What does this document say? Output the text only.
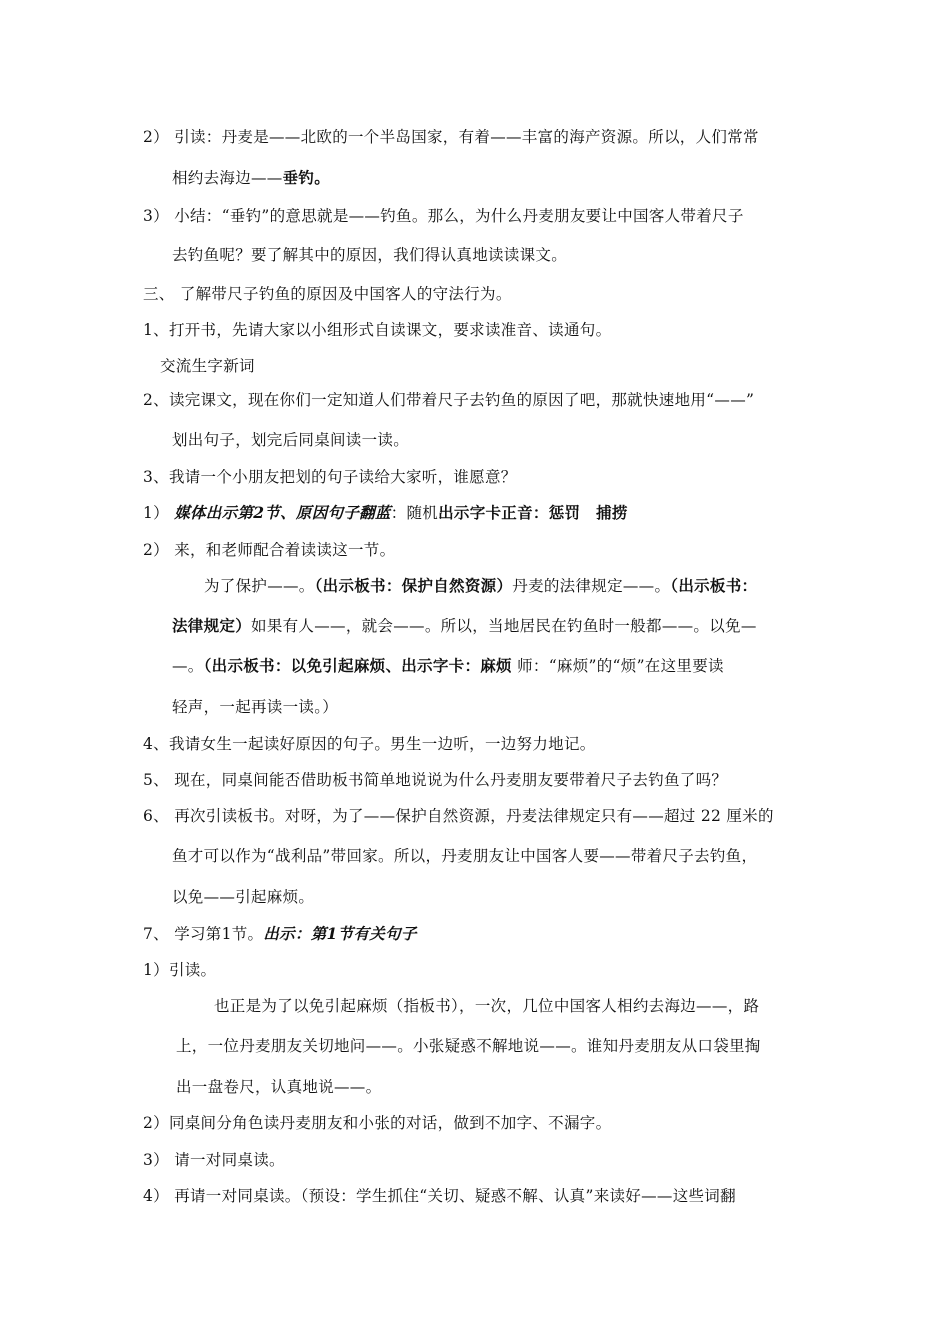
2） 引读：丹麦是——北欧的一个半岛国家，有着——丰富的海产资源。所以，人们常常
相约去海边——垂钓。
3） 小结：“垂钓”的意思就是——钓鱼。那么，为什么丹麦朋友要让中国客人带着尺子
去钓鱼呢？要了解其中的原因，我们得认真地读读课文。
三、 了解带尺子钓鱼的原因及中国客人的守法行为。
1、打开书，先请大家以小组形式自读课文，要求读准音、读通句。
交流生字新词
2、读完课文，现在你们一定知道人们带着尺子去钓鱼的原因了吧，那就快速地用“——”
划出句子，划完后同桌间读一读。
3、我请一个小朋友把划的句子读给大家听，谁愿意？
1） 媒体出示第2节、原因句子翻蓝：随机出示字卡正音：惩罚　捕捞
2） 来，和老师配合着读读这一节。
为了保护——。（出示板书：保护自然资源）丹麦的法律规定——。（出示板书：
法律规定）如果有人——，就会——。所以，当地居民在钓鱼时一般都——。以免—
—。（出示板书：以免引起麻烦、出示字卡：麻烦 师：“麻烦”的“烦”在这里要读
轻声，一起再读一读。）
4、我请女生一起读好原因的句子。男生一边听，一边努力地记。
5、 现在，同桌间能否借助板书简单地说说为什么丹麦朋友要带着尺子去钓鱼了吗？
6、 再次引读板书。对呀，为了——保护自然资源，丹麦法律规定只有——超过 22 厘米的
鱼才可以作为“战利品”带回家。所以，丹麦朋友让中国客人要——带着尺子去钓鱼，
以免——引起麻烦。
7、 学习第1节。出示：第1节有关句子
1）引读。
也正是为了以免引起麻烦（指板书），一次，几位中国客人相约去海边——，路
上，一位丹麦朋友关切地问——。小张疑惑不解地说——。谁知丹麦朋友从口袋里掏
出一盘卷尺，认真地说——。
2）同桌间分角色读丹麦朋友和小张的对话，做到不加字、不漏字。
3） 请一对同桌读。
4） 再请一对同桌读。（预设：学生抓住“关切、疑惑不解、认真”来读好——这些词翻
